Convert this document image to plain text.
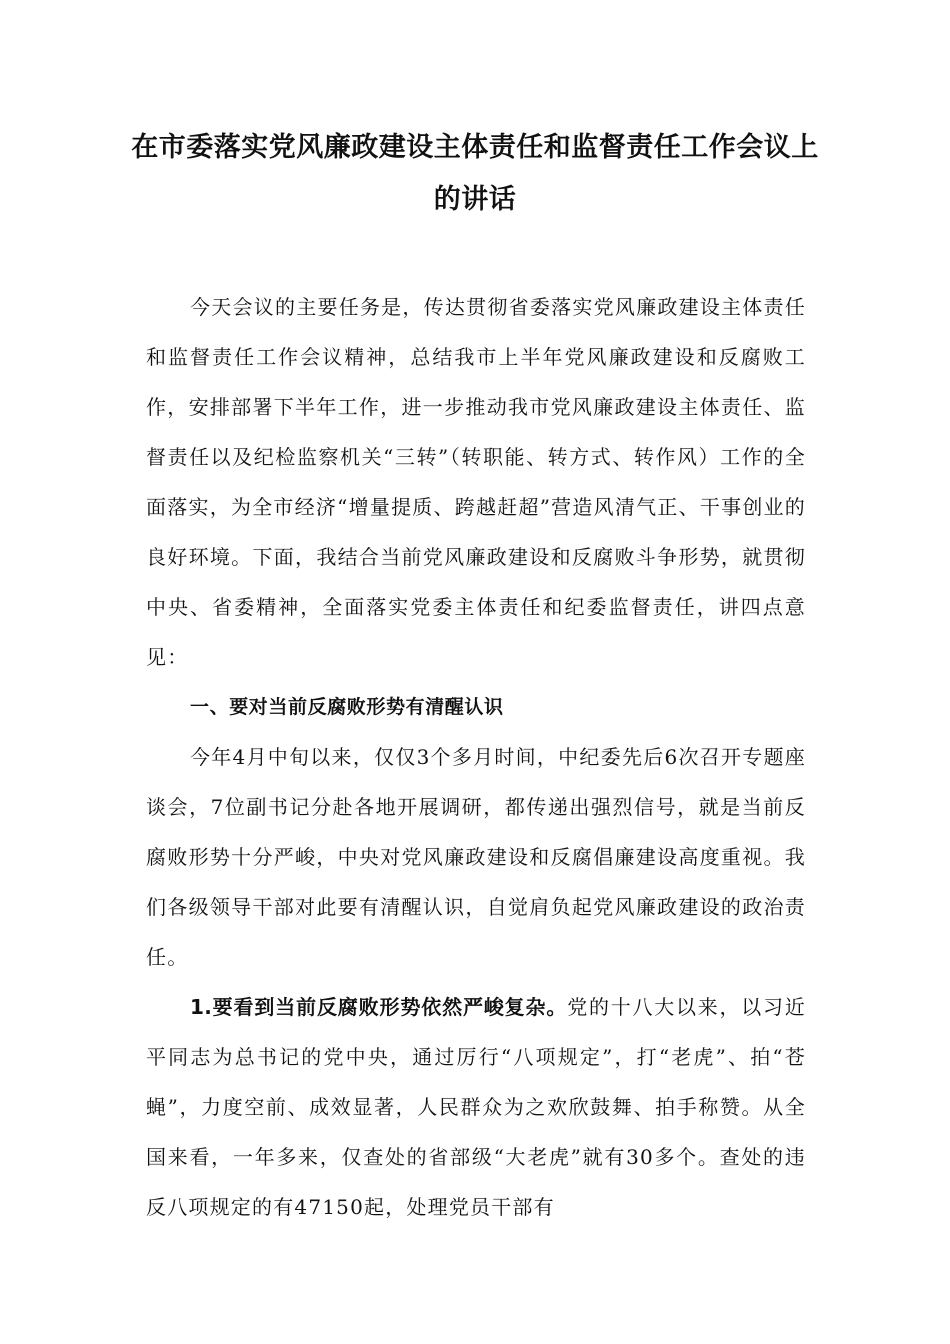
在市委落实党风廉政建设主体责任和监督责任工作会议上的讲话

今天会议的主要任务是，传达贯彻省委落实党风廉政建设主体责任和监督责任工作会议精神，总结我市上半年党风廉政建设和反腐败工作，安排部署下半年工作，进一步推动我市党风廉政建设主体责任、监督责任以及纪检监察机关“三转”（转职能、转方式、转作风）工作的全面落实，为全市经济“增量提质、跨越赶超”营造风清气正、干事创业的良好环境。下面，我结合当前党风廉政建设和反腐败斗争形势，就贯彻中央、省委精神，全面落实党委主体责任和纪委监督责任，讲四点意见：

一、要对当前反腐败形势有清醒认识

今年4月中旬以来，仅仅3个多月时间，中纪委先后6次召开专题座谈会，7位副书记分赴各地开展调研，都传递出强烈信号，就是当前反腐败形势十分严峻，中央对党风廉政建设和反腐倡廉建设高度重视。我们各级领导干部对此要有清醒认识，自觉肩负起党风廉政建设的政治责任。

1.要看到当前反腐败形势依然严峻复杂。党的十八大以来，以习近平同志为总书记的党中央，通过厉行“八项规定”，打“老虎”、拍“苍蝇”，力度空前、成效显著，人民群众为之欢欣鼓舞、拍手称赞。从全国来看，一年多来，仅查处的省部级“大老虎”就有30多个。查处的违反八项规定的有47150起，处理党员干部有
